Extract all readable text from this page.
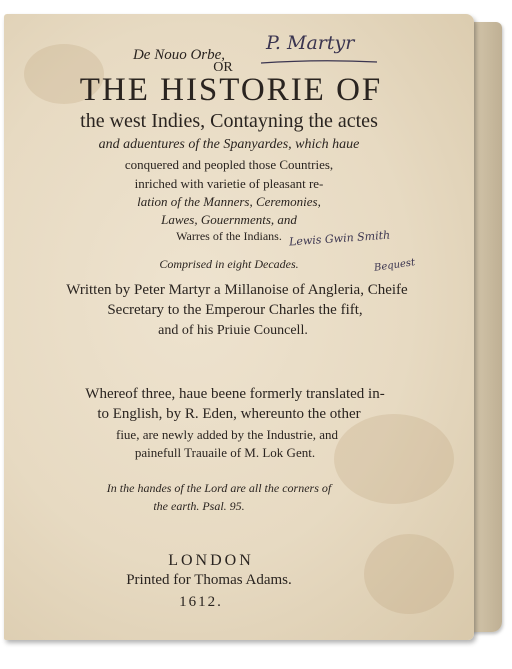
P. Martyr
Lewis Gwin Smith
Bequest
De Nouo Orbe,
OR
THE HISTORIE OF
the west Indies, Contayning the actes
and aduentures of the Spanyardes, which haue
conquered and peopled those Countries,
inriched with varietie of pleasant re-
lation of the Manners, Ceremonies,
Lawes, Gouernments, and
Warres of the Indians.
Comprised in eight Decades.
Written by Peter Martyr a Millanoise of Angleria, Cheife
Secretary to the Emperour Charles the fift,
and of his Priuie Councell.
Whereof three, haue beene formerly translated in-
to English, by R. Eden, whereunto the other
fiue, are newly added by the Industrie, and
painefull Trauaile of M. Lok Gent.
In the handes of the Lord are all the corners of
the earth. Psal. 95.
LONDON
Printed for Thomas Adams.
1612.
